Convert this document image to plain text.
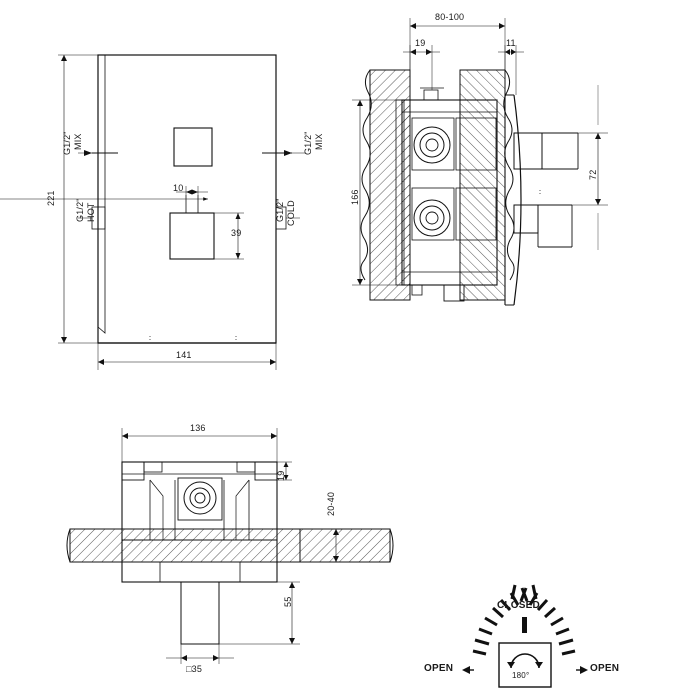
221
141
10
39
G1/2" MIX	G1/2" MIX
G1/2" HOT	G1/2" COLD
80-100
19	11
166
72
136
19
20-40
55
□35
CLOSED
OPEN	OPEN
180°
